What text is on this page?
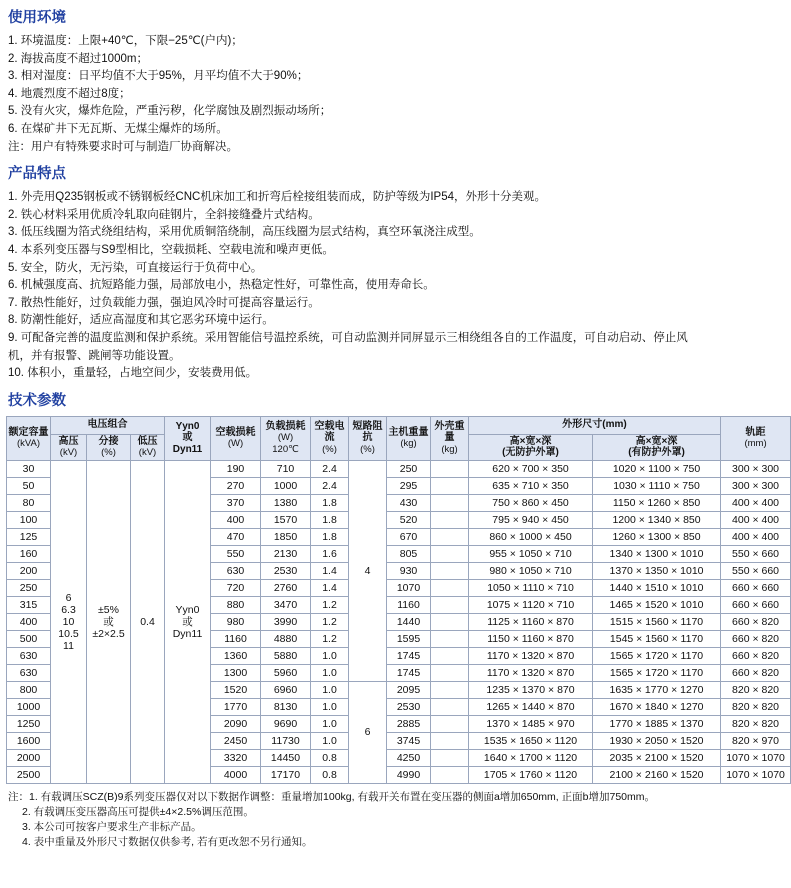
使用环境
1. 环境温度：上限+40℃，下限−25℃(户内)；
2. 海拔高度不超过1000m；
3. 相对湿度：日平均值不大于95%，月平均值不大于90%；
4. 地震烈度不超过8度；
5. 没有火灾，爆炸危险，严重污秽，化学腐蚀及剧烈振动场所；
6. 在煤矿井下无瓦斯、无煤尘爆炸的场所。
注：用户有特殊要求时可与制造厂协商解决。
产品特点
1. 外壳用Q235钢板或不锈钢板经CNC机床加工和折弯后栓接组装而成，防护等级为IP54，外形十分美观。
2. 铁心材料采用优质冷轧取向硅钢片，全斜接缝叠片式结构。
3. 低压线圈为箔式绕组结构，采用优质铜箔绕制，高压线圈为层式结构，真空环氧浇注成型。
4. 本系列变压器与S9型相比，空载损耗、空载电流和噪声更低。
5. 安全，防火，无污染，可直接运行于负荷中心。
6. 机械强度高、抗短路能力强，局部放电小，热稳定性好，可靠性高，使用寿命长。
7. 散热性能好，过负载能力强，强迫风冷时可提高容量运行。
8. 防潮性能好，适应高湿度和其它恶劣环境中运行。
9. 可配备完善的温度监测和保护系统。采用智能信号温控系统，可自动监测并同屏显示三相绕组各自的工作温度，可自动启动、停止风机，并有报警、跳闸等功能设置。
10. 体积小，重量轻，占地空间少，安装费用低。
技术参数
额定容量
(kVA)	电压组合			Yyn0
或
Dyn11	空载损耗
(W)	负载损耗
(W)
120℃	空载电流
(%)	短路阻抗
(%)	主机重量
(kg)	外壳重量
(kg)	外形尺寸(mm)		轨距
(mm)

	高压
(kV)	分接
(%)	低压
(kV)								高×宽×深
(无防护外罩)	高×宽×深
(有防护外罩)	

30	6
6.3
10
10.5
11	±5%
或
±2×2.5	0.4	Yyn0
或
Dyn11	190	710	2.4	4	250		620 × 700 × 350	1020 × 1100 × 750	300 × 300
50					270	1000	2.4		295		635 × 710 × 350	1030 × 1110 × 750	300 × 300
80					370	1380	1.8		430		750 × 860 × 450	1150 × 1260 × 850	400 × 400
100					400	1570	1.8		520		795 × 940 × 450	1200 × 1340 × 850	400 × 400
125					470	1850	1.8		670		860 × 1000 × 450	1260 × 1300 × 850	400 × 400
160					550	2130	1.6		805		955 × 1050 × 710	1340 × 1300 × 1010	550 × 660
200					630	2530	1.4		930		980 × 1050 × 710	1370 × 1350 × 1010	550 × 660
250					720	2760	1.4		1070		1050 × 1110 × 710	1440 × 1510 × 1010	660 × 660
315					880	3470	1.2		1160		1075 × 1120 × 710	1465 × 1520 × 1010	660 × 660
400					980	3990	1.2		1440		1125 × 1160 × 870	1515 × 1560 × 1170	660 × 820
500					1160	4880	1.2		1595		1150 × 1160 × 870	1545 × 1560 × 1170	660 × 820
630					1360	5880	1.0		1745		1170 × 1320 × 870	1565 × 1720 × 1170	660 × 820
630					1300	5960	1.0		1745		1170 × 1320 × 870	1565 × 1720 × 1170	660 × 820
800					1520	6960	1.0	6	2095		1235 × 1370 × 870	1635 × 1770 × 1270	820 × 820
1000					1770	8130	1.0		2530		1265 × 1440 × 870	1670 × 1840 × 1270	820 × 820
1250					2090	9690	1.0		2885		1370 × 1485 × 970	1770 × 1885 × 1370	820 × 820
1600					2450	11730	1.0		3745		1535 × 1650 × 1120	1930 × 2050 × 1520	820 × 970
2000					3320	14450	0.8		4250		1640 × 1700 × 1120	2035 × 2100 × 1520	1070 × 1070
2500					4000	17170	0.8		4990		1705 × 1760 × 1120	2100 × 2160 × 1520	1070 × 1070
注：1. 有载调压SCZ(B)9系列变压器仅对以下数据作调整：重量增加100kg, 有载开关布置在变压器的侧面a增加650mm, 正面b增加750mm。
2. 有载调压变压器高压可提供±4×2.5%调压范围。
3. 本公司可按客户要求生产非标产品。
4. 表中重量及外形尺寸数据仅供参考, 若有更改恕不另行通知。
